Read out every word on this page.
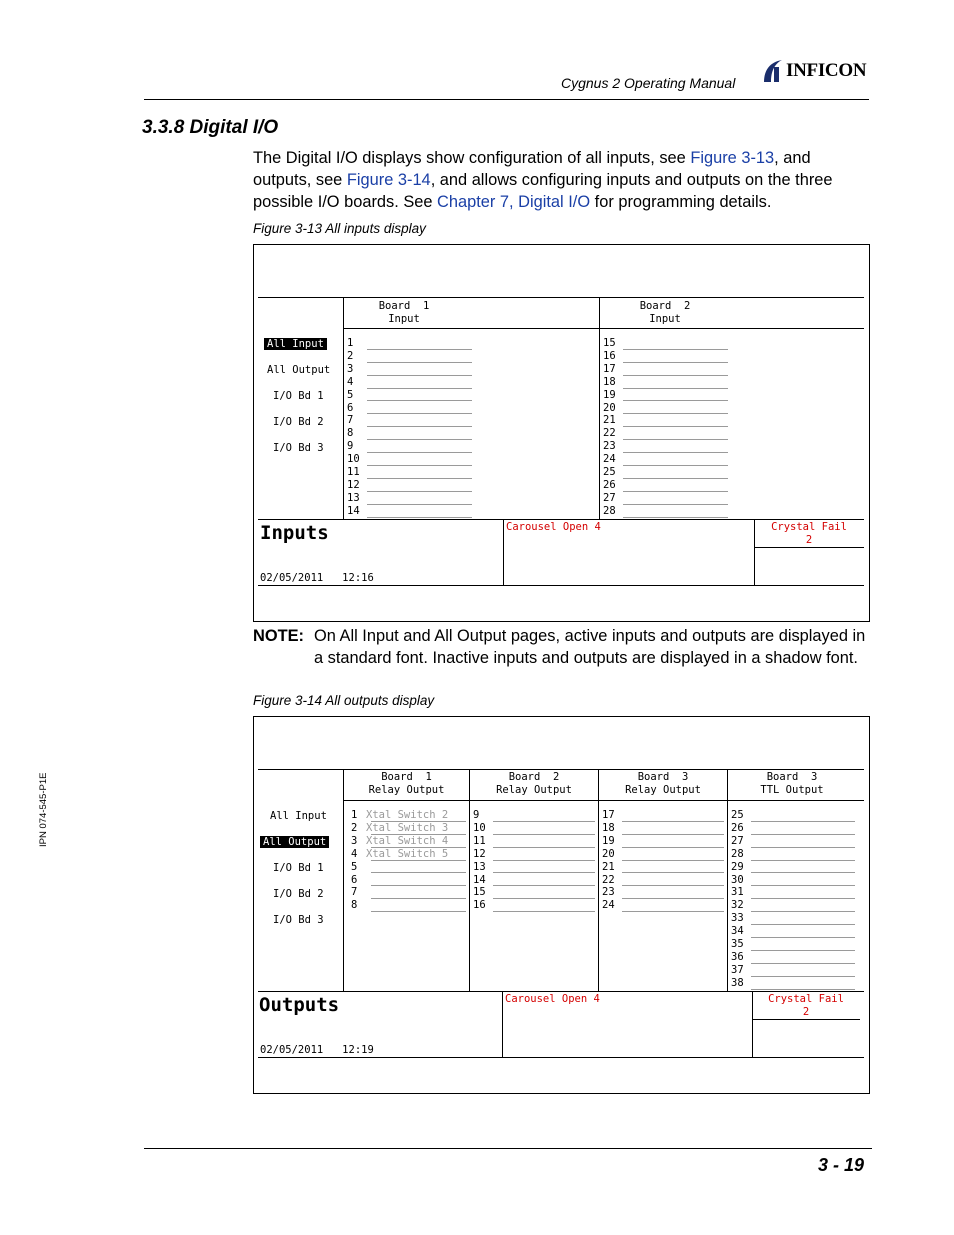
Cygnus 2 Operating Manual
INFICON
3.3.8 Digital I/O
The Digital I/O displays show configuration of all inputs, see Figure 3-13, and outputs, see Figure 3-14, and allows configuring inputs and outputs on the three possible I/O boards. See Chapter 7, Digital I/O for programming details.
Figure 3-13 All inputs display
Board  1
Input
Board  2
Input
All Input
All Output
I/O Bd 1
I/O Bd 2
I/O Bd 3
1
2
3
4
5
6
7
8
9
10
11
12
13
14
15
16
17
18
19
20
21
22
23
24
25
26
27
28
Inputs
02/05/2011   12:16
Carousel Open 4	Crystal Fail
2
NOTE: On All Input and All Output pages, active inputs and outputs are displayed in a standard font. Inactive inputs and outputs are displayed in a shadow font.
Figure 3-14 All outputs display
Board  1
Relay Output
Board  2
Relay Output
Board  3
Relay Output
Board  3
TTL Output
All Input
All Output
I/O Bd 1
I/O Bd 2
I/O Bd 3
1 Xtal Switch 2
2 Xtal Switch 3
3 Xtal Switch 4
4 Xtal Switch 5
5
6
7
8
9
10
11
12
13
14
15
16
17
18
19
20
21
22
23
24
25
26
27
28
29
30
31
32
33
34
35
36
37
38
Outputs
02/05/2011   12:19
Carousel Open 4	Crystal Fail
2
IPN 074-545-P1E
3 - 19
